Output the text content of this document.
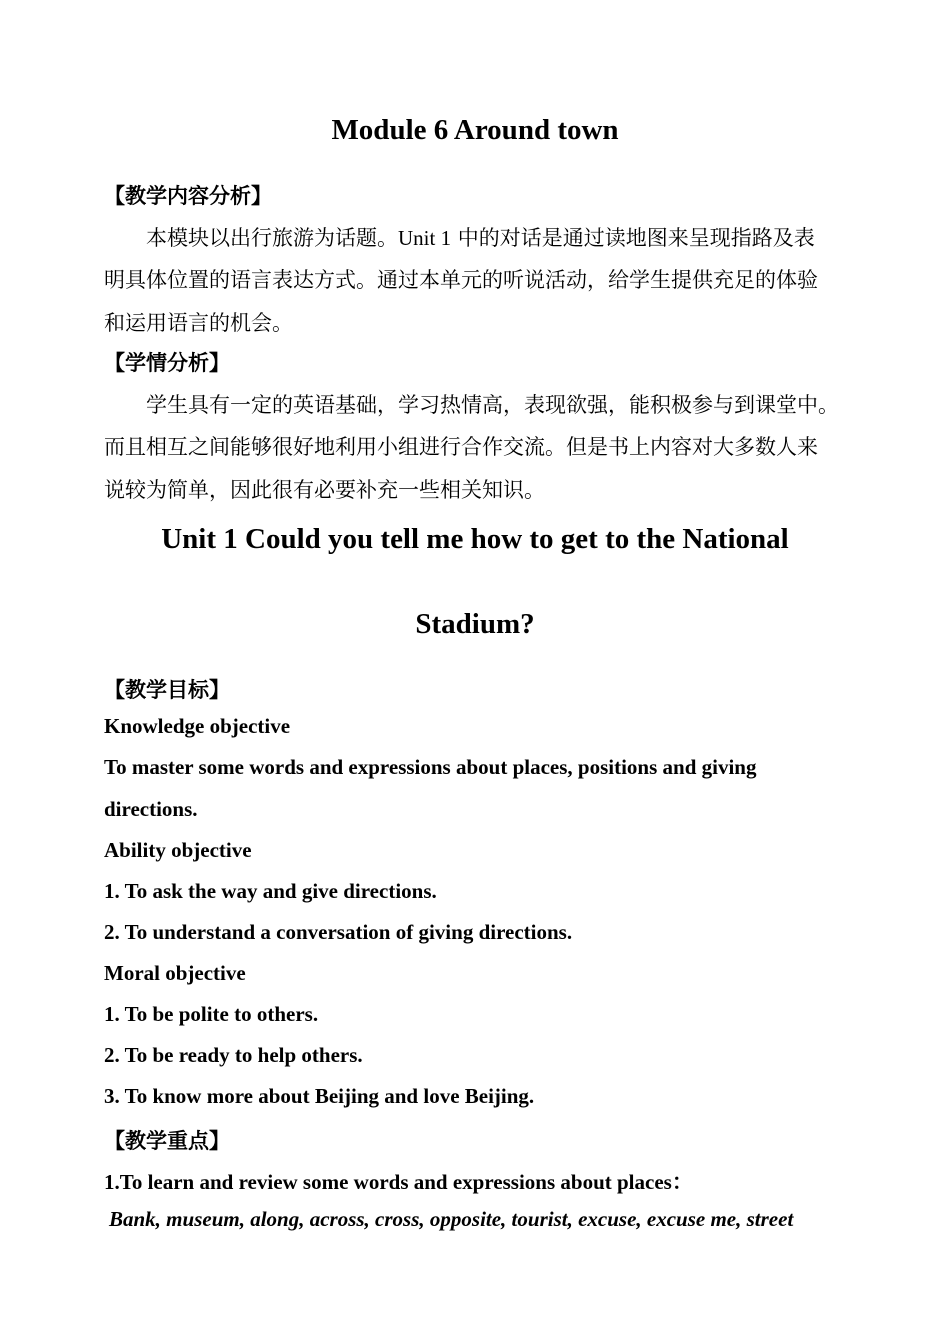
Module 6 Around town
【教学内容分析】
本模块以出行旅游为话题。Unit 1 中的对话是通过读地图来呈现指路及表
明具体位置的语言表达方式。通过本单元的听说活动，给学生提供充足的体验
和运用语言的机会。
【学情分析】
学生具有一定的英语基础，学习热情高，表现欲强，能积极参与到课堂中。
而且相互之间能够很好地利用小组进行合作交流。但是书上内容对大多数人来
说较为简单，因此很有必要补充一些相关知识。
Unit 1 Could you tell me how to get to the National
Stadium?
【教学目标】
Knowledge objective
To master some words and expressions about places, positions and giving
directions.
Ability objective
1. To ask the way and give directions.
2. To understand a conversation of giving directions.
Moral objective
1. To be polite to others.
2. To be ready to help others.
3. To know more about Beijing and love Beijing.
【教学重点】
1.To learn and review some words and expressions about places：
Bank, museum, along, across, cross, opposite, tourist, excuse, excuse me, street
